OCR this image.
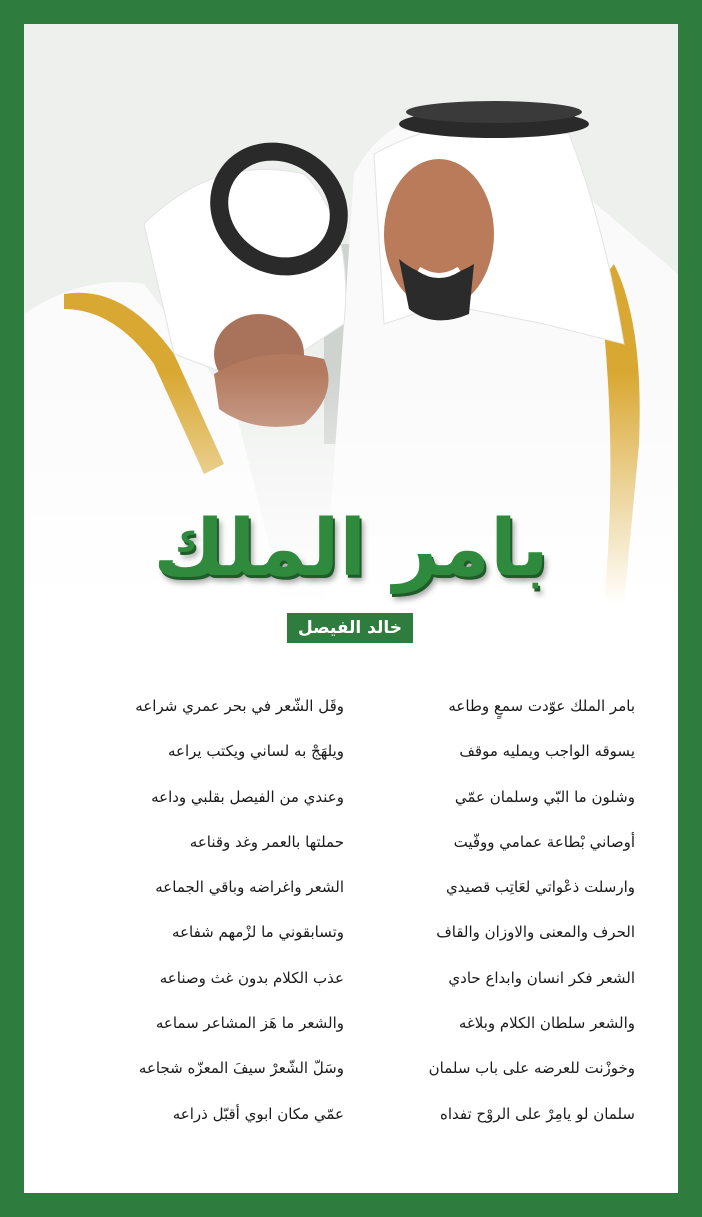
بامر الملك
خالد الفيصل
بامر الملك عوّدت سمعٍ وطاعه
يسوقه الواجب ويمليه موقف
وشلون ما البّي وسلمان عمّي
أوصاني بْطاعة عمامي ووفّيت
وارسلت ذعْواتي لعَاتِب قصيدي
الحرف والمعنى والاوزان والقاف
الشعر فكر انسان وابداع حادي
والشعر سلطان الكلام وبلاغه
وخوزْنت للعرضه على باب سلمان
سلمان لو يامِرْ على الروْح تفداه
وقَل الشّعر في بحر عمري شراعه
ويلهَجْ به لساني ويكتب يراعه
وعندي من الفيصل بقلبي وداعه
حملتها بالعمر وغد وقناعه
الشعر واغراضه وباقي الجماعه
وتسابقوني ما لزْمهم شفاعه
عذب الكلام بدون غث وصناعه
والشعر ما هَز المشاعر سماعه
وسَلّ الشّعرْ سيفَ المعزّه شجاعه
عمّي مكان ابوي أقبّل ذراعه
